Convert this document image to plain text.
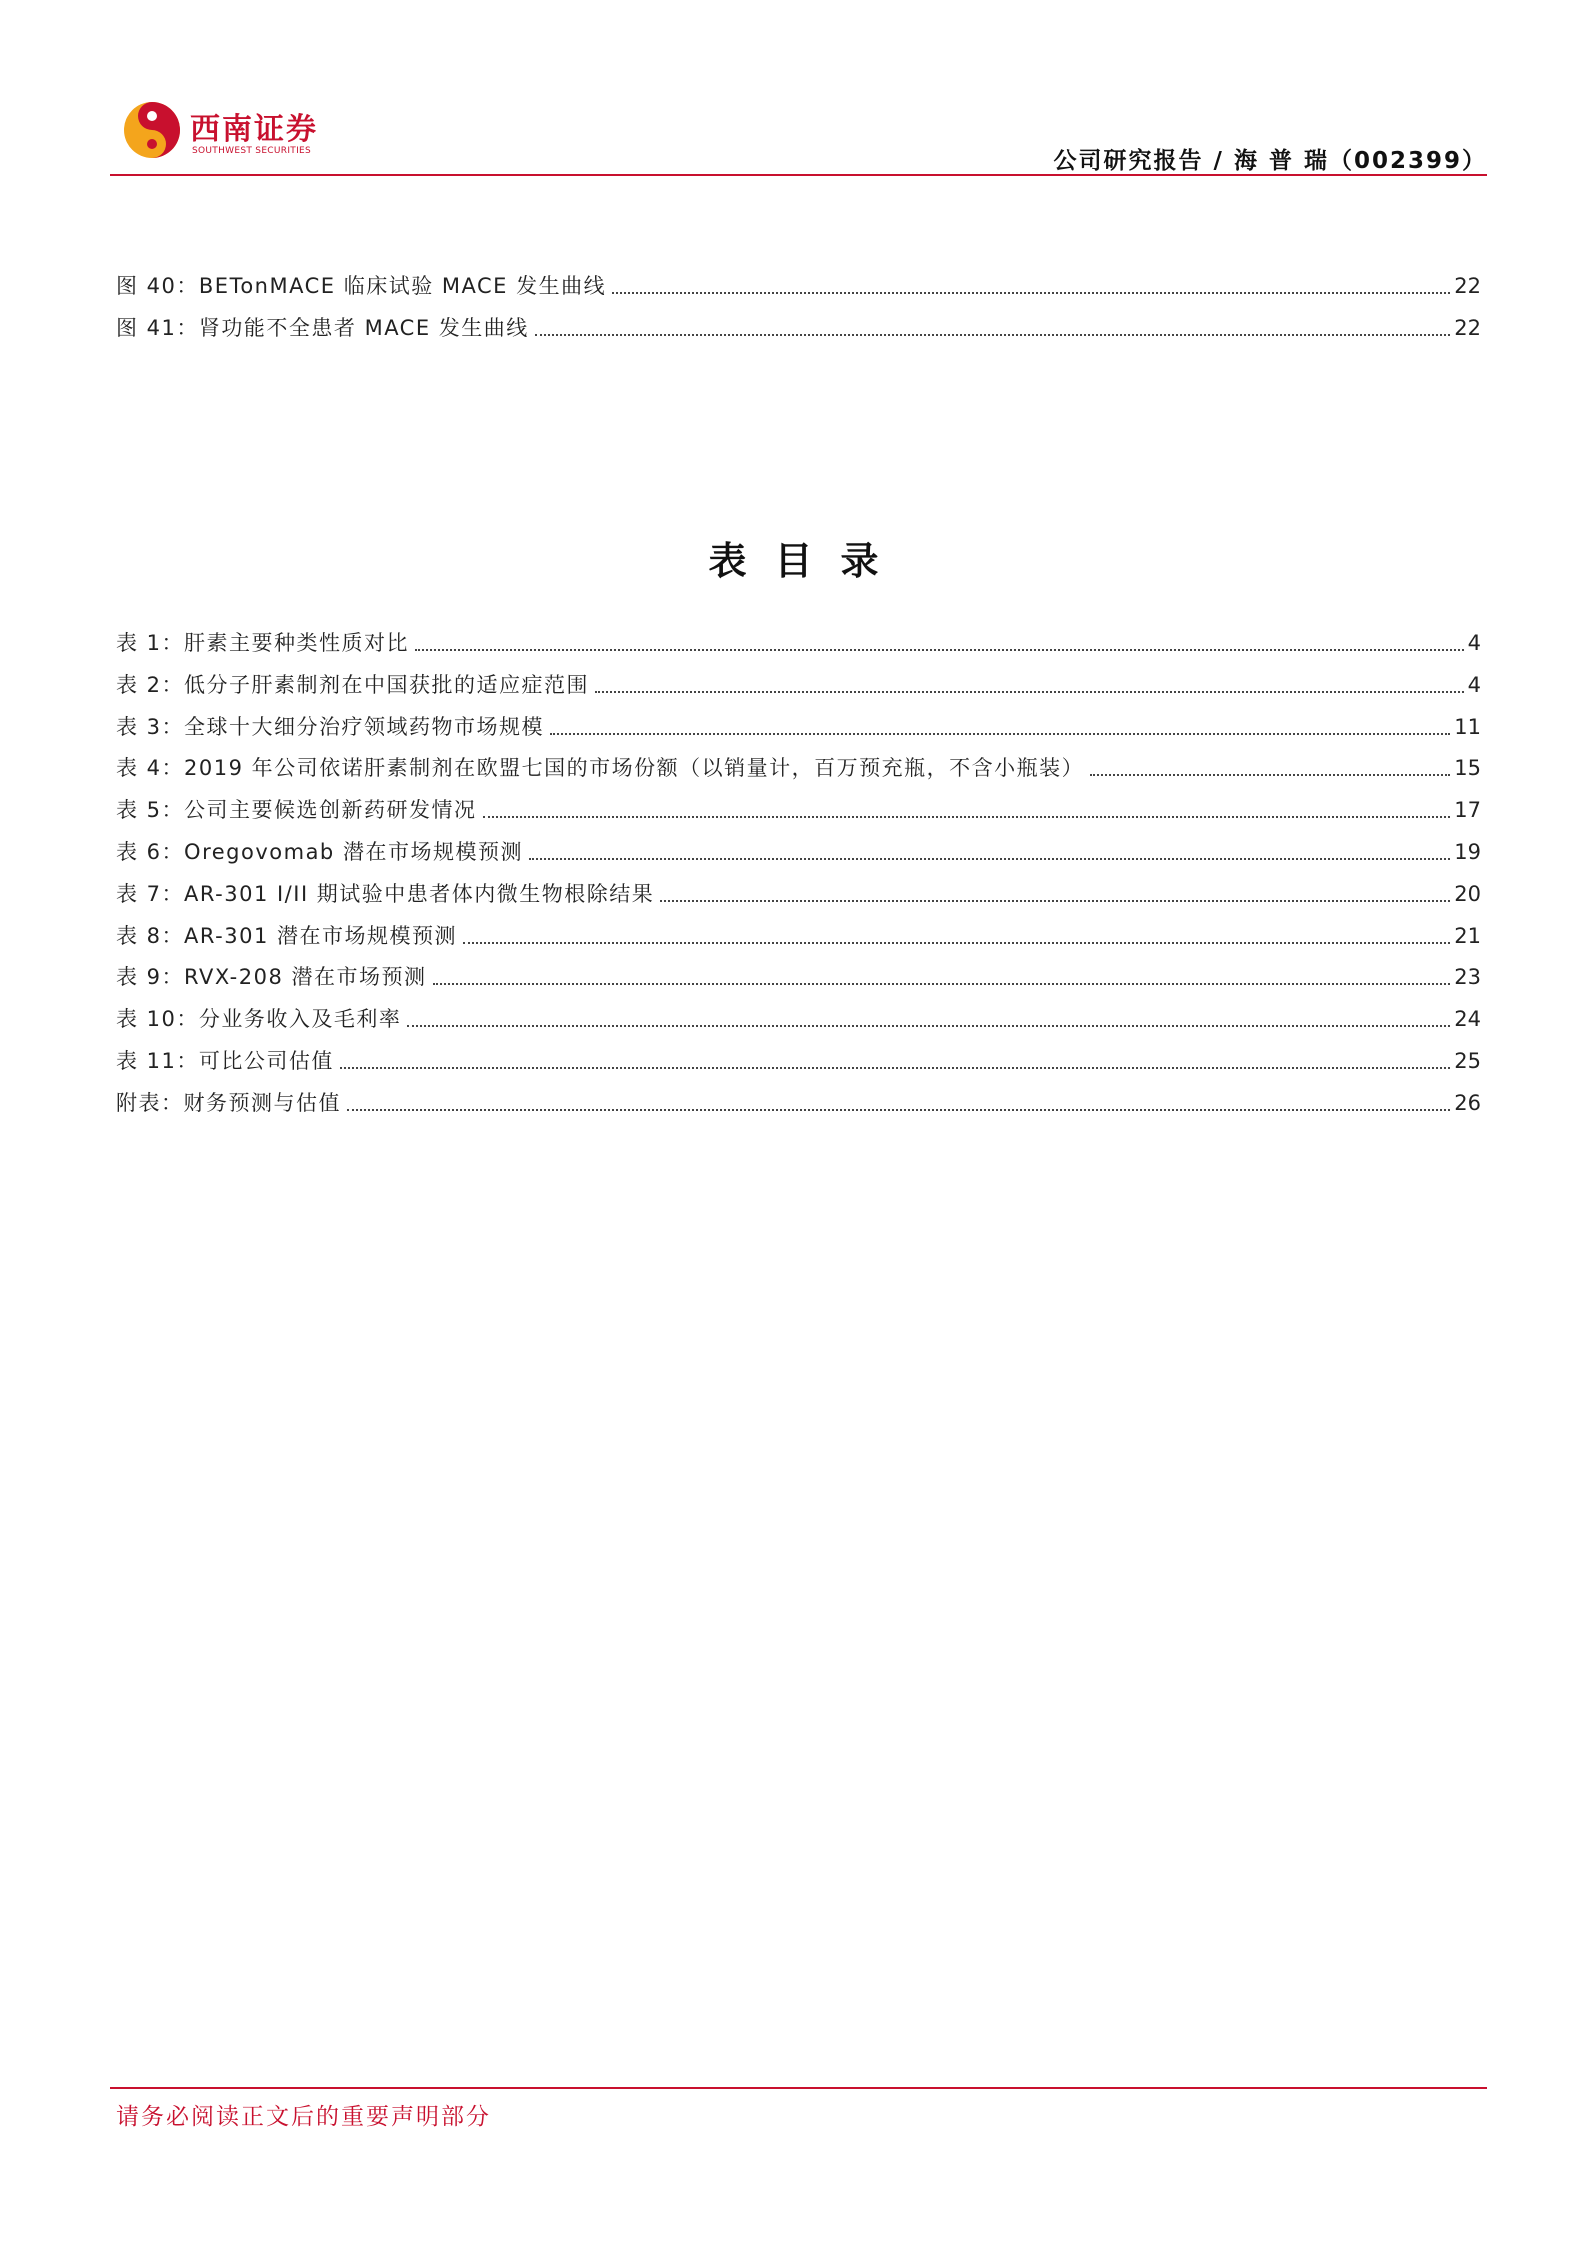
西南证券
SOUTHWEST SECURITIES	公司研究报告 / 海 普 瑞（002399）
图 40：BETonMACE 临床试验 MACE 发生曲线	22
图 41：肾功能不全患者 MACE 发生曲线	22
表目录
表 1：肝素主要种类性质对比	4
表 2：低分子肝素制剂在中国获批的适应症范围	4
表 3：全球十大细分治疗领域药物市场规模	11
表 4：2019 年公司依诺肝素制剂在欧盟七国的市场份额（以销量计，百万预充瓶，不含小瓶装）	15
表 5：公司主要候选创新药研发情况	17
表 6：Oregovomab 潜在市场规模预测	19
表 7：AR-301 I/II 期试验中患者体内微生物根除结果	20
表 8：AR-301 潜在市场规模预测	21
表 9：RVX-208 潜在市场预测	23
表 10：分业务收入及毛利率	24
表 11：可比公司估值	25
附表：财务预测与估值	26
请务必阅读正文后的重要声明部分
